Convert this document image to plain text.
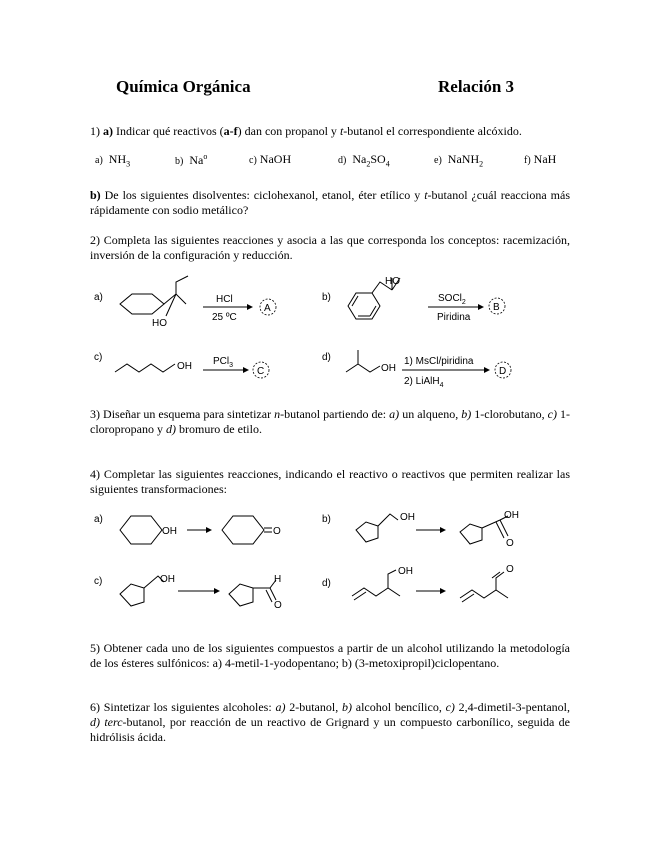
Química Orgánica	Relación 3
1) a) Indicar qué reactivos (a-f) dan con propanol y t-butanol el correspondiente alcóxido.
a) $NH_3$	b) Na$^o$	c) NaOH	d) $Na_2SO_4$	e) NaNH$_2$	f) NaH
b) De los siguientes disolventes: ciclohexanol, etanol, éter etílico y t-butanol ¿cuál reacciona más rápidamente con sodio metálico?
2) Completa las siguientes reacciones y asocia a las que corresponda los conceptos: racemización, inversión de la configuración y reducción.
a)
HO
HCl
25 ºC
A
b)
HO
SOCl$_2$
Piridina
B
c)
OH PCl$_3$
C
d)
OH
1) MsCl/piridina
2) LiAlH$_4$
D
3) Diseñar un esquema para sintetizar n-butanol partiendo de: a) un alqueno, b) 1-clorobutano, c) 1-cloropropano y d) bromuro de etilo.
4) Completar las siguientes reacciones, indicando el reactivo o reactivos que permiten realizar las siguientes transformaciones:
a)
OH	O
b)	OH	OH
O
c)	OH	H
O
d)
OH	O
5) Obtener cada uno de los siguientes compuestos a partir de un alcohol utilizando la metodología de los ésteres sulfónicos: a) 4-metil-1-yodopentano; b) (3-metoxipropil)ciclopentano.
6) Sintetizar los siguientes alcoholes: a) 2-butanol, b) alcohol bencílico, c) 2,4-dimetil-3-pentanol, d) terc-butanol, por reacción de un reactivo de Grignard y un compuesto carbonílico, seguida de hidrólisis ácida.
